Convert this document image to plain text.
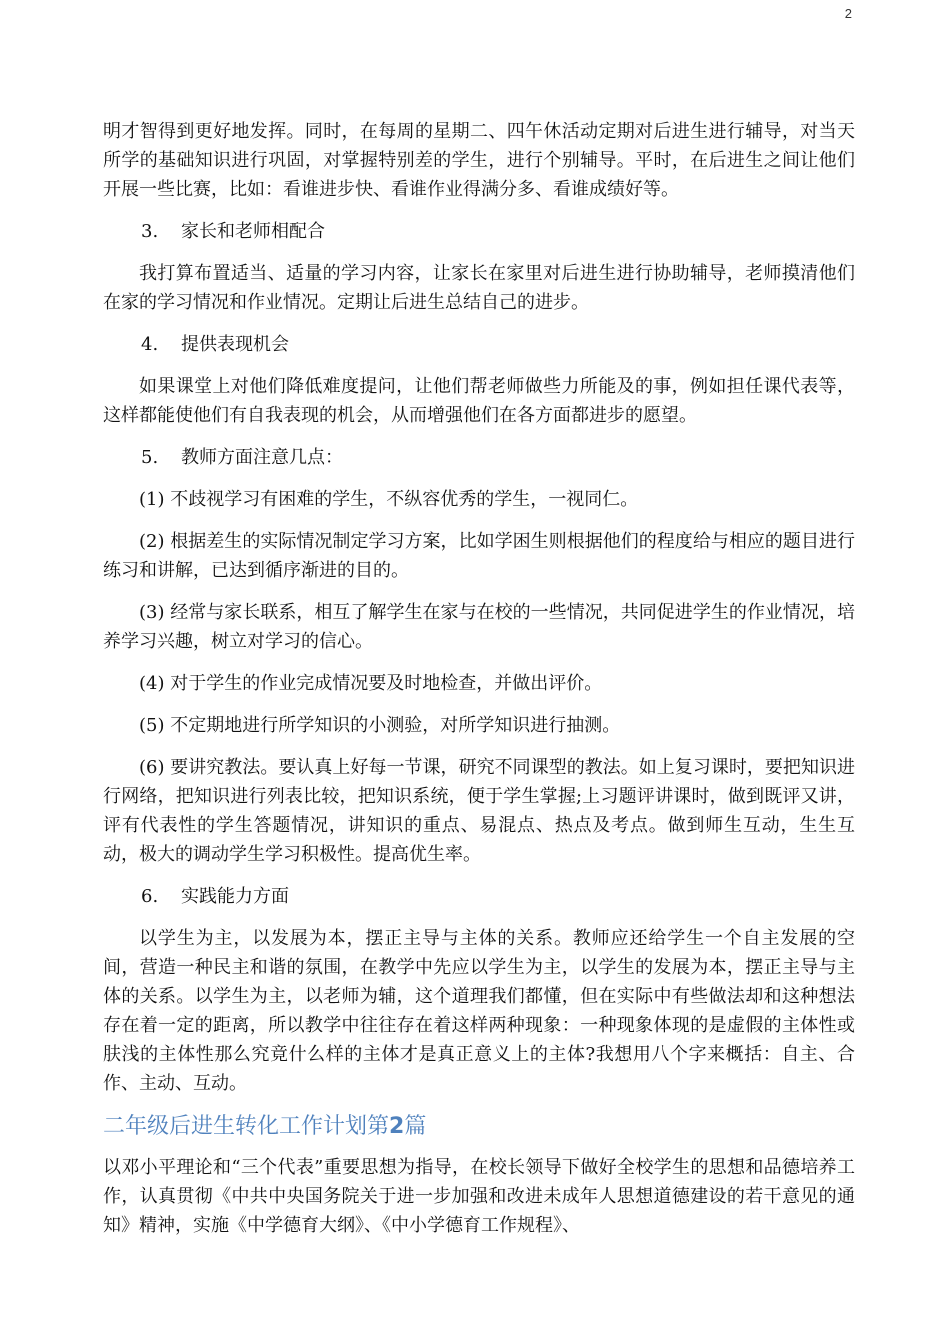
2

明才智得到更好地发挥。同时，在每周的星期二、四午休活动定期对后进生进行辅导，对当天所学的基础知识进行巩固，对掌握特别差的学生，进行个别辅导。平时，在后进生之间让他们开展一些比赛，比如：看谁进步快、看谁作业得满分多、看谁成绩好等。

3. 家长和老师相配合

我打算布置适当、适量的学习内容，让家长在家里对后进生进行协助辅导，老师摸清他们在家的学习情况和作业情况。定期让后进生总结自己的进步。

4. 提供表现机会

如果课堂上对他们降低难度提问，让他们帮老师做些力所能及的事，例如担任课代表等，这样都能使他们有自我表现的机会，从而增强他们在各方面都进步的愿望。

5. 教师方面注意几点：

(1) 不歧视学习有困难的学生，不纵容优秀的学生，一视同仁。

(2) 根据差生的实际情况制定学习方案，比如学困生则根据他们的程度给与相应的题目进行练习和讲解，已达到循序渐进的目的。

(3) 经常与家长联系，相互了解学生在家与在校的一些情况，共同促进学生的作业情况，培养学习兴趣，树立对学习的信心。

(4) 对于学生的作业完成情况要及时地检查，并做出评价。

(5) 不定期地进行所学知识的小测验，对所学知识进行抽测。

(6) 要讲究教法。要认真上好每一节课，研究不同课型的教法。如上复习课时，要把知识进行网络，把知识进行列表比较，把知识系统，便于学生掌握;上习题评讲课时，做到既评又讲，评有代表性的学生答题情况，讲知识的重点、易混点、热点及考点。做到师生互动，生生互动，极大的调动学生学习积极性。提高优生率。

6. 实践能力方面

以学生为主，以发展为本，摆正主导与主体的关系。教师应还给学生一个自主发展的空间，营造一种民主和谐的氛围，在教学中先应以学生为主，以学生的发展为本，摆正主导与主体的关系。以学生为主，以老师为辅，这个道理我们都懂，但在实际中有些做法却和这种想法存在着一定的距离，所以教学中往往存在着这样两种现象：一种现象体现的是虚假的主体性或肤浅的主体性那么究竟什么样的主体才是真正意义上的主体?我想用八个字来概括：自主、合作、主动、互动。

二年级后进生转化工作计划第2篇

以邓小平理论和“三个代表”重要思想为指导，在校长领导下做好全校学生的思想和品德培养工作，认真贯彻《中共中央国务院关于进一步加强和改进未成年人思想道德建设的若干意见的通知》精神，实施《中学德育大纲》、《中小学德育工作规程》、
